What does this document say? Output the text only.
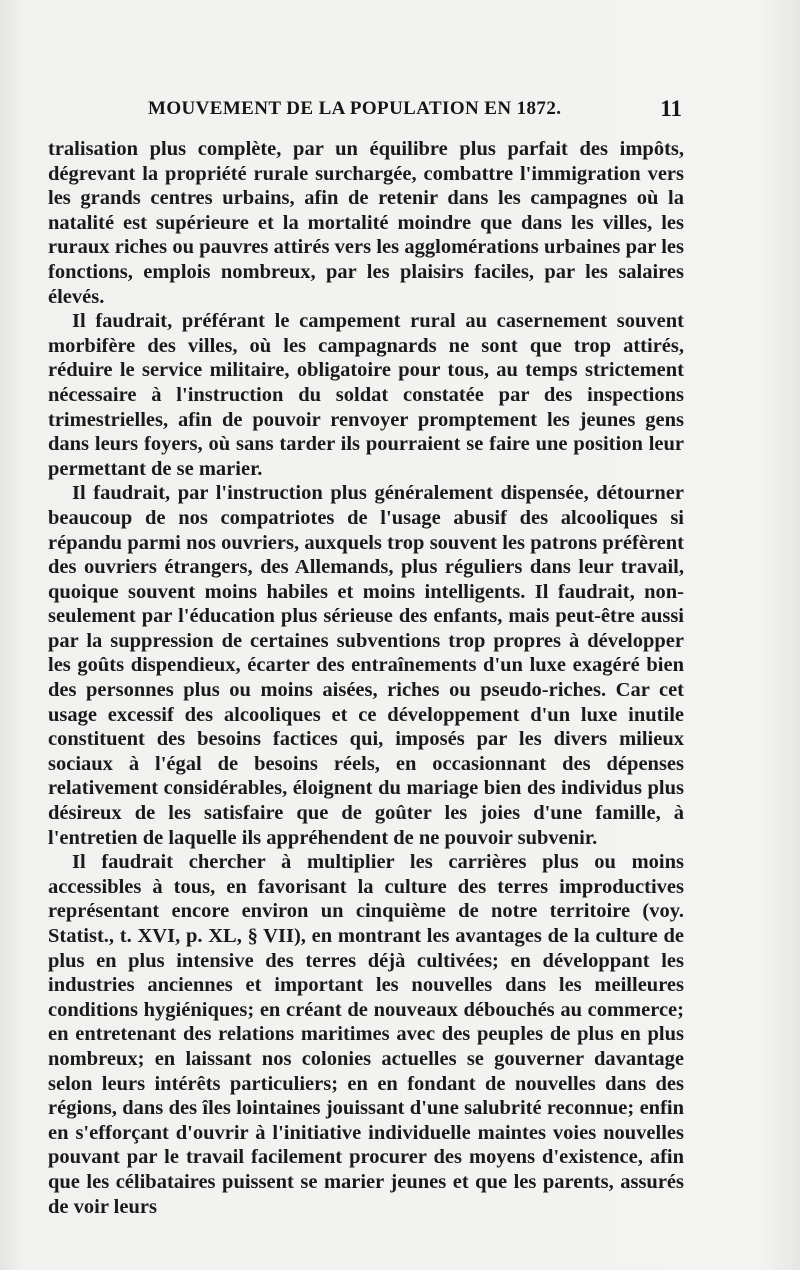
MOUVEMENT DE LA POPULATION EN 1872.	11

tralisation plus complète, par un équilibre plus parfait des impôts, dégrevant la propriété rurale surchargée, combattre l'immigration vers les grands centres urbains, afin de retenir dans les campagnes où la natalité est supérieure et la mortalité moindre que dans les villes, les ruraux riches ou pauvres attirés vers les agglomérations urbaines par les fonctions, emplois nombreux, par les plaisirs faciles, par les salaires élevés.

Il faudrait, préférant le campement rural au casernement souvent morbifère des villes, où les campagnards ne sont que trop attirés, réduire le service militaire, obligatoire pour tous, au temps strictement nécessaire à l'instruction du soldat constatée par des inspections trimestrielles, afin de pouvoir renvoyer promptement les jeunes gens dans leurs foyers, où sans tarder ils pourraient se faire une position leur permettant de se marier.

Il faudrait, par l'instruction plus généralement dispensée, détourner beaucoup de nos compatriotes de l'usage abusif des alcooliques si répandu parmi nos ouvriers, auxquels trop souvent les patrons préfèrent des ouvriers étrangers, des Allemands, plus réguliers dans leur travail, quoique souvent moins habiles et moins intelligents. Il faudrait, non-seulement par l'éducation plus sérieuse des enfants, mais peut-être aussi par la suppression de certaines subventions trop propres à développer les goûts dispendieux, écarter des entraînements d'un luxe exagéré bien des personnes plus ou moins aisées, riches ou pseudo-riches. Car cet usage excessif des alcooliques et ce développement d'un luxe inutile constituent des besoins factices qui, imposés par les divers milieux sociaux à l'égal de besoins réels, en occasionnant des dépenses relativement considérables, éloignent du mariage bien des individus plus désireux de les satisfaire que de goûter les joies d'une famille, à l'entretien de laquelle ils appréhendent de ne pouvoir subvenir.

Il faudrait chercher à multiplier les carrières plus ou moins accessibles à tous, en favorisant la culture des terres improductives représentant encore environ un cinquième de notre territoire (voy. Statist., t. XVI, p. XL, § VII), en montrant les avantages de la culture de plus en plus intensive des terres déjà cultivées; en développant les industries anciennes et important les nouvelles dans les meilleures conditions hygiéniques; en créant de nouveaux débouchés au commerce; en entretenant des relations maritimes avec des peuples de plus en plus nombreux; en laissant nos colonies actuelles se gouverner davantage selon leurs intérêts particuliers; en en fondant de nouvelles dans des régions, dans des îles lointaines jouissant d'une salubrité reconnue; enfin en s'efforçant d'ouvrir à l'initiative individuelle maintes voies nouvelles pouvant par le travail facilement procurer des moyens d'existence, afin que les célibataires puissent se marier jeunes et que les parents, assurés de voir leurs
